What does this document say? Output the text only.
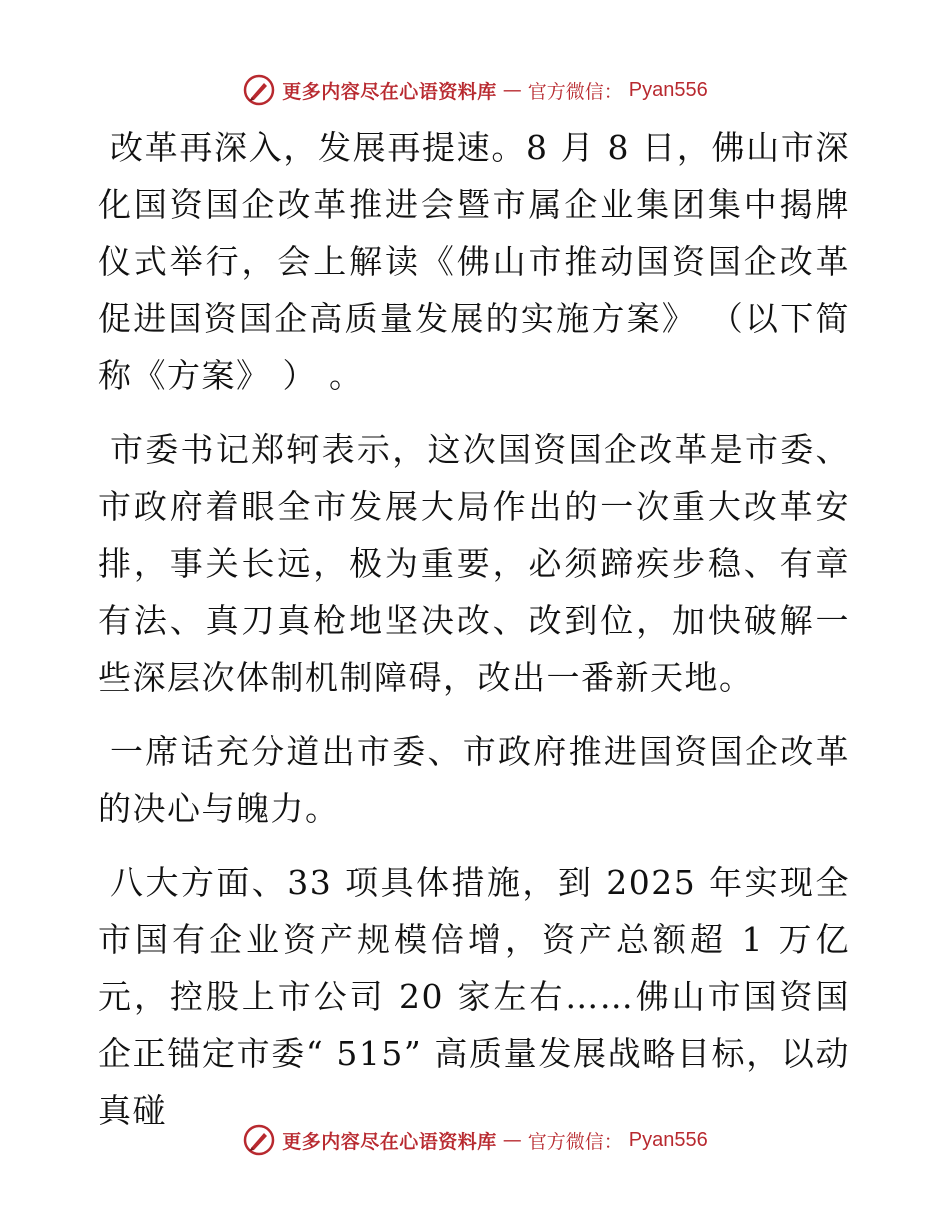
更多内容尽在心语资料库 — 官方微信： Pyan556

改革再深入，发展再提速。8 月 8 日，佛山市深化国资国企改革推进会暨市属企业集团集中揭牌仪式举行，会上解读《佛山市推动国资国企改革促进国资国企高质量发展的实施方案》 （以下简称《方案》 ） 。

市委书记郑轲表示，这次国资国企改革是市委、市政府着眼全市发展大局作出的一次重大改革安排，事关长远，极为重要，必须蹄疾步稳、有章有法、真刀真枪地坚决改、改到位，加快破解一些深层次体制机制障碍，改出一番新天地。

一席话充分道出市委、市政府推进国资国企改革的决心与魄力。

八大方面、33 项具体措施，到 2025 年实现全市国有企业资产规模倍增，资产总额超 1 万亿元，控股上市公司 20 家左右……佛山市国资国企正锚定市委“ 515” 高质量发展战略目标，以动真碰

更多内容尽在心语资料库 — 官方微信： Pyan556
